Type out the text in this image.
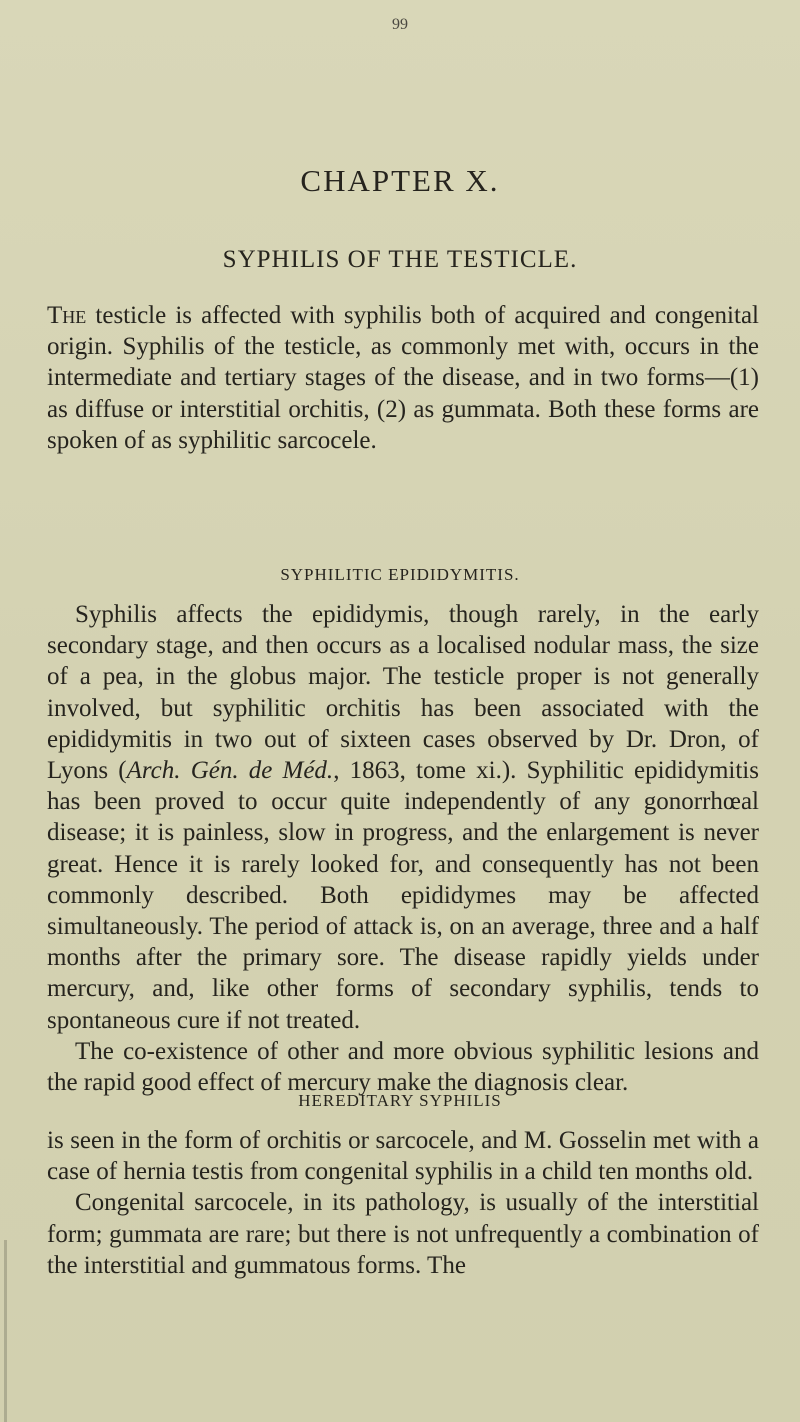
99
CHAPTER X.
SYPHILIS OF THE TESTICLE.

The testicle is affected with syphilis both of acquired and congenital origin. Syphilis of the testicle, as commonly met with, occurs in the intermediate and tertiary stages of the disease, and in two forms—(1) as diffuse or interstitial orchitis, (2) as gummata. Both these forms are spoken of as syphilitic sarcocele.

SYPHILITIC EPIDIDYMITIS.

Syphilis affects the epididymis, though rarely, in the early secondary stage, and then occurs as a localised nodular mass, the size of a pea, in the globus major. The testicle proper is not generally involved, but syphilitic orchitis has been associated with the epididymitis in two out of sixteen cases observed by Dr. Dron, of Lyons (Arch. Gén. de Méd., 1863, tome xi.). Syphilitic epididymitis has been proved to occur quite independently of any gonorrhœal disease; it is painless, slow in progress, and the enlargement is never great. Hence it is rarely looked for, and consequently has not been commonly described. Both epididymes may be affected simultaneously. The period of attack is, on an average, three and a half months after the primary sore. The disease rapidly yields under mercury, and, like other forms of secondary syphilis, tends to spontaneous cure if not treated.

The co-existence of other and more obvious syphilitic lesions and the rapid good effect of mercury make the diagnosis clear.

HEREDITARY SYPHILIS

is seen in the form of orchitis or sarcocele, and M. Gosselin met with a case of hernia testis from congenital syphilis in a child ten months old.

Congenital sarcocele, in its pathology, is usually of the interstitial form; gummata are rare; but there is not unfrequently a combination of the interstitial and gummatous forms. The
